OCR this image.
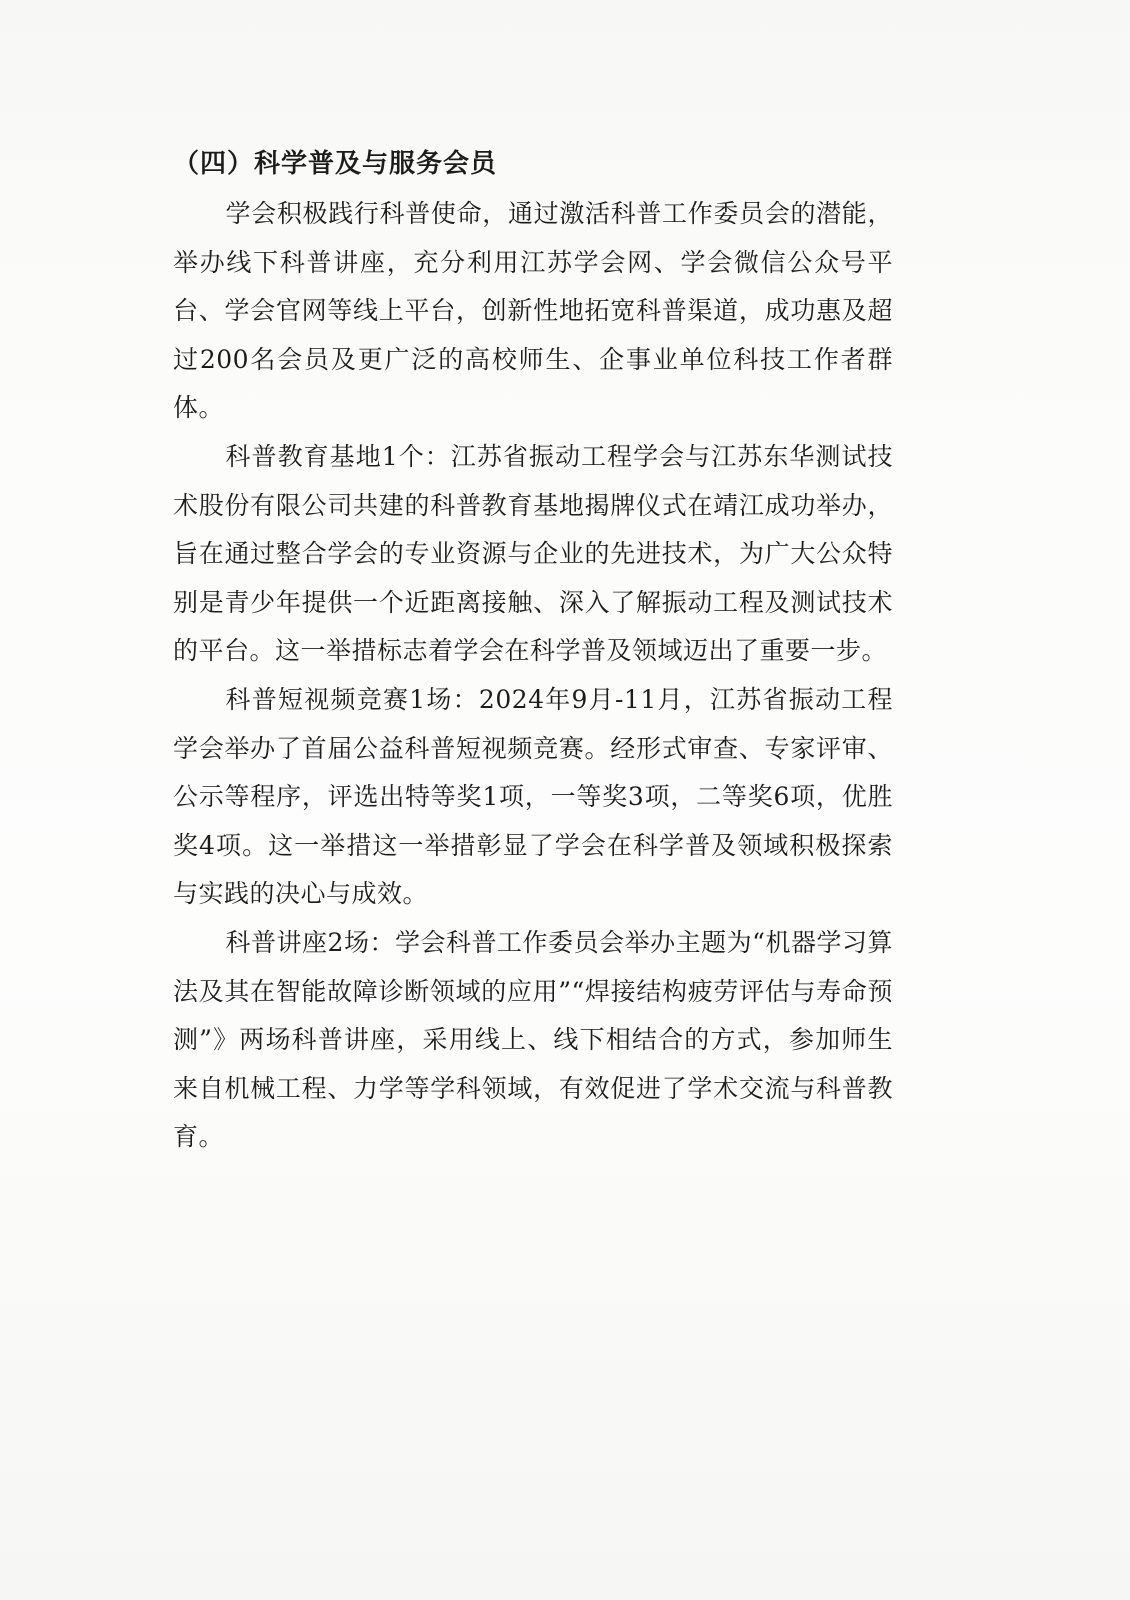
（四）科学普及与服务会员

学会积极践行科普使命，通过激活科普工作委员会的潜能，举办线下科普讲座，充分利用江苏学会网、学会微信公众号平台、学会官网等线上平台，创新性地拓宽科普渠道，成功惠及超过200名会员及更广泛的高校师生、企事业单位科技工作者群体。

科普教育基地1个：江苏省振动工程学会与江苏东华测试技术股份有限公司共建的科普教育基地揭牌仪式在靖江成功举办，旨在通过整合学会的专业资源与企业的先进技术，为广大公众特别是青少年提供一个近距离接触、深入了解振动工程及测试技术的平台。这一举措标志着学会在科学普及领域迈出了重要一步。

科普短视频竞赛1场：2024年9月-11月，江苏省振动工程学会举办了首届公益科普短视频竞赛。经形式审查、专家评审、公示等程序，评选出特等奖1项，一等奖3项，二等奖6项，优胜奖4项。这一举措这一举措彰显了学会在科学普及领域积极探索与实践的决心与成效。

科普讲座2场：学会科普工作委员会举办主题为“机器学习算法及其在智能故障诊断领域的应用”“焊接结构疲劳评估与寿命预测”》两场科普讲座，采用线上、线下相结合的方式，参加师生来自机械工程、力学等学科领域，有效促进了学术交流与科普教育。
